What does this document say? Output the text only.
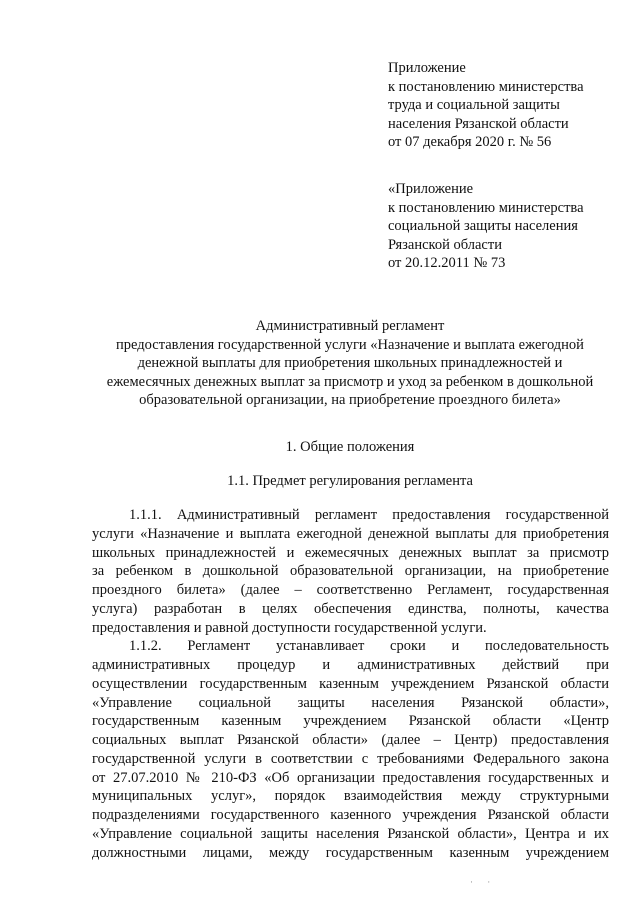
Приложение
к постановлению министерства
труда и социальной защиты
населения Рязанской области
от 07 декабря 2020 г. № 56
«Приложение
к постановлению министерства
социальной защиты населения
Рязанской области
от 20.12.2011 № 73
Административный регламент
предоставления государственной услуги «Назначение и выплата ежегодной
денежной выплаты для приобретения школьных принадлежностей и
ежемесячных денежных выплат за присмотр и уход за ребенком в дошкольной
образовательной организации, на приобретение проездного билета»
1. Общие положения
1.1. Предмет регулирования регламента
1.1.1. Административный регламент предоставления государственной
услуги «Назначение и выплата ежегодной денежной выплаты для приобретения
школьных принадлежностей и ежемесячных денежных выплат за присмотр
за ребенком в дошкольной образовательной организации, на приобретение
проездного билета» (далее – соответственно Регламент, государственная
услуга) разработан в целях обеспечения единства, полноты, качества
предоставления и равной доступности государственной услуги.
1.1.2. Регламент устанавливает сроки и последовательность
административных процедур и административных действий при
осуществлении государственным казенным учреждением Рязанской области
«Управление социальной защиты населения Рязанской области»,
государственным казенным учреждением Рязанской области «Центр
социальных выплат Рязанской области» (далее – Центр) предоставления
государственной услуги в соответствии с требованиями Федерального закона
от 27.07.2010 № 210-ФЗ «Об организации предоставления государственных и
муниципальных услуг», порядок взаимодействия между структурными
подразделениями государственного казенного учреждения Рязанской области
«Управление социальной защиты населения Рязанской области», Центра и их
должностными лицами, между государственным казенным учреждением
· ·
